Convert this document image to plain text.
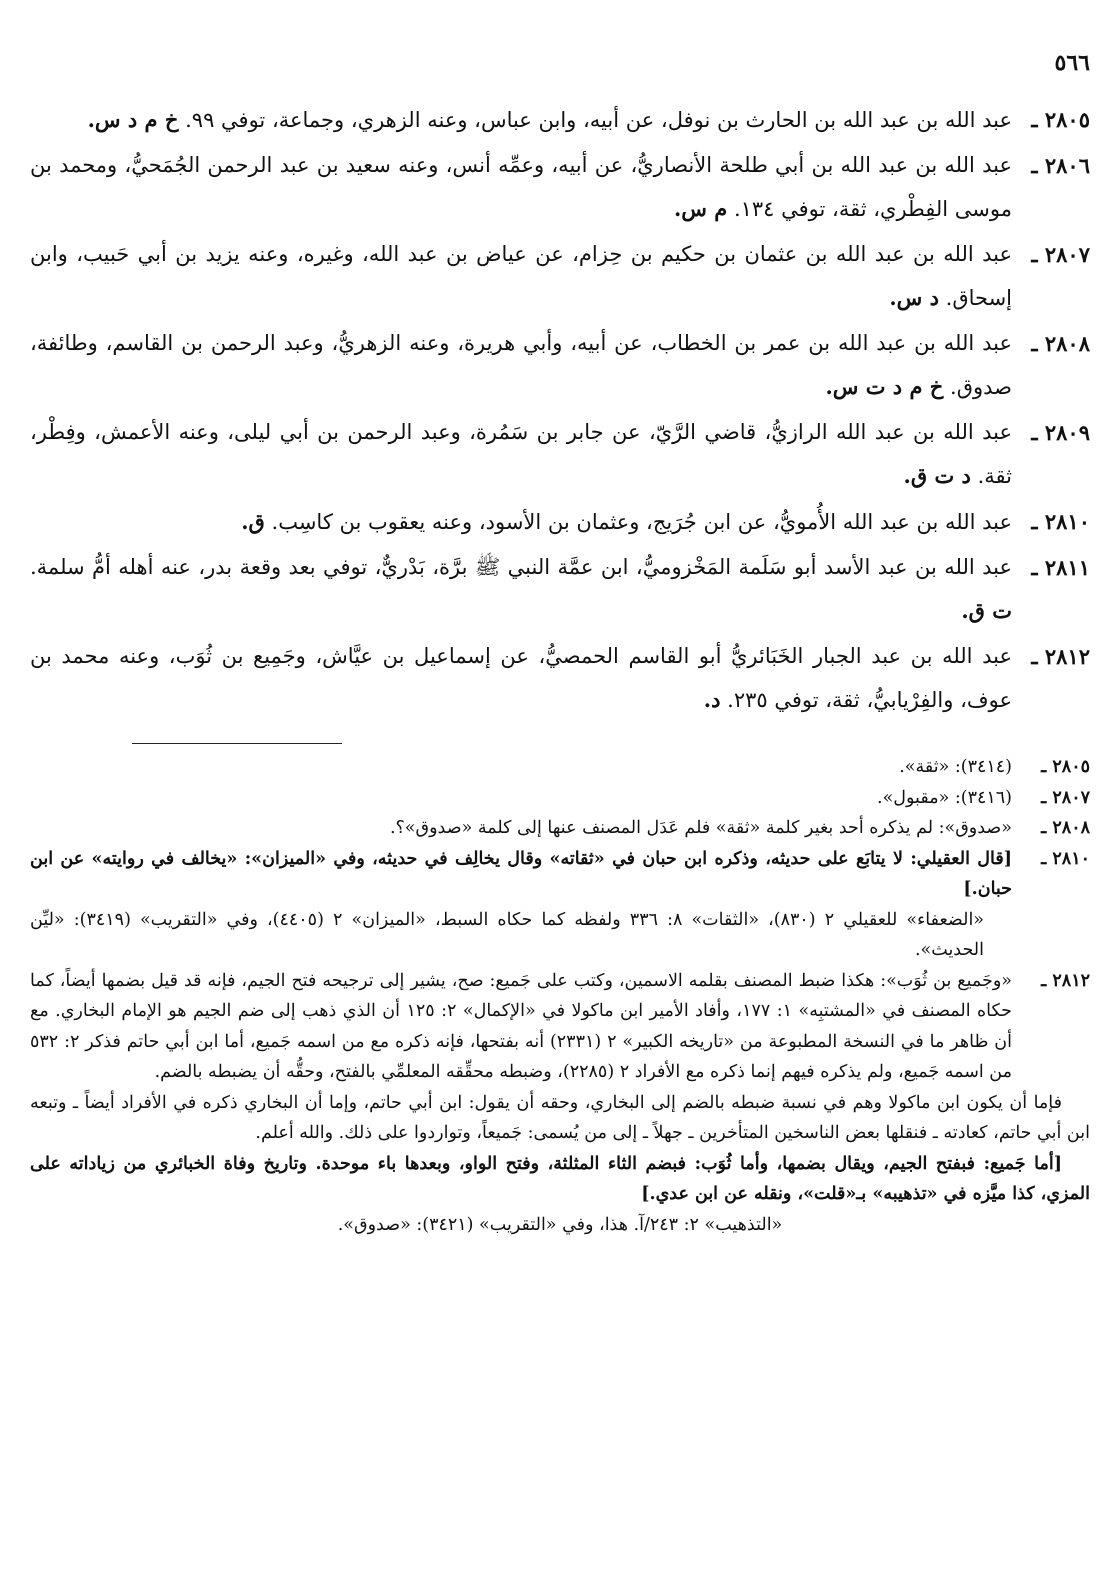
٥٦٦
٢٨٠٥ ـ
عبد الله بن عبد الله بن الحارث بن نوفل، عن أبيه، وابن عباس، وعنه الزهري، وجماعة، توفي ٩٩. خ م د س.
٢٨٠٦ ـ
عبد الله بن عبد الله بن أبي طلحة الأنصاريُّ، عن أبيه، وعمِّه أنس، وعنه سعيد بن عبد الرحمن الجُمَحيُّ، ومحمد بن موسى الفِطْري، ثقة، توفي ١٣٤. م س.
٢٨٠٧ ـ
عبد الله بن عبد الله بن عثمان بن حكيم بن حِزام، عن عياض بن عبد الله، وغيره، وعنه يزيد بن أبي حَبيب، وابن إسحاق. د س.
٢٨٠٨ ـ
عبد الله بن عبد الله بن عمر بن الخطاب، عن أبيه، وأبي هريرة، وعنه الزهريُّ، وعبد الرحمن بن القاسم، وطائفة، صدوق. خ م د ت س.
٢٨٠٩ ـ
عبد الله بن عبد الله الرازيُّ، قاضي الرَّيّ، عن جابر بن سَمُرة، وعبد الرحمن بن أبي ليلى، وعنه الأعمش، وفِطْر، ثقة. د ت ق.
٢٨١٠ ـ
عبد الله بن عبد الله الأُمويُّ، عن ابن جُرَيج، وعثمان بن الأسود، وعنه يعقوب بن كاسِب. ق.
٢٨١١ ـ
عبد الله بن عبد الأسد أبو سَلَمة المَخْزوميُّ، ابن عمَّة النبي ﷺ برَّة، بَدْريٌّ، توفي بعد وقعة بدر، عنه أهله أمُّ سلمة. ت ق.
٢٨١٢ ـ
عبد الله بن عبد الجبار الخَبَائريُّ أبو القاسم الحمصيُّ، عن إسماعيل بن عيَّاش، وجَمِيع بن ثُوَب، وعنه محمد بن عوف، والفِرْيابيُّ، ثقة، توفي ٢٣٥. د.
٢٨٠٥ ـ
(٣٤١٤): «ثقة».
٢٨٠٧ ـ
(٣٤١٦): «مقبول».
٢٨٠٨ ـ
«صدوق»: لم يذكره أحد بغير كلمة «ثقة» فلم عَدَل المصنف عنها إلى كلمة «صدوق»؟.
٢٨١٠ ـ
[قال العقيلي: لا يتابَع على حديثه، وذكره ابن حبان في «ثقاته» وقال يخالِف في حديثه، وفي «الميزان»: «يخالف في روايته» عن ابن حبان.]
«الضعفاء» للعقيلي ٢ (٨٣٠)، «الثقات» ٨: ٣٣٦ ولفظه كما حكاه السبط، «الميزان» ٢ (٤٤٠٥)، وفي «التقريب» (٣٤١٩): «ليِّن الحديث».
٢٨١٢ ـ
«وجَميع بن ثُوَب»: هكذا ضبط المصنف بقلمه الاسمين، وكتب على جَميع: صح، يشير إلى ترجيحه فتح الجيم، فإنه قد قيل بضمها أيضاً، كما حكاه المصنف في «المشتبِه» ١: ١٧٧، وأفاد الأمير ابن ماكولا في «الإكمال» ٢: ١٢٥ أن الذي ذهب إلى ضم الجيم هو الإمام البخاري. مع أن ظاهر ما في النسخة المطبوعة من «تاريخه الكبير» ٢ (٢٣٣١) أنه بفتحها، فإنه ذكره مع من اسمه جَميع، أما ابن أبي حاتم فذكر ٢: ٥٣٢ من اسمه جَميع، ولم يذكره فيهم إنما ذكره مع الأفراد ٢ (٢٢٨٥)، وضبطه محقِّقه المعلمِّي بالفتح، وحقُّه أن يضبطه بالضم.
فإما أن يكون ابن ماكولا وهم في نسبة ضبطه بالضم إلى البخاري، وحقه أن يقول: ابن أبي حاتم، وإما أن البخاري ذكره في الأفراد أيضاً ـ وتبعه ابن أبي حاتم، كعادته ـ فنقلها بعض الناسخين المتأخرين ـ جهلاً ـ إلى من يُسمى: جَميعاً، وتواردوا على ذلك. والله أعلم.
[أما جَميع: فبفتح الجيم، ويقال بضمها، وأما ثُوَب: فبضم الثاء المثلثة، وفتح الواو، وبعدها باء موحدة. وتاريخ وفاة الخبائري من زياداته على المزي، كذا ميَّزه في «تذهيبه» بـ«قلت»، ونقله عن ابن عدي.]
«التذهيب» ٢: ٢٤٣/آ. هذا، وفي «التقريب» (٣٤٢١): «صدوق».
